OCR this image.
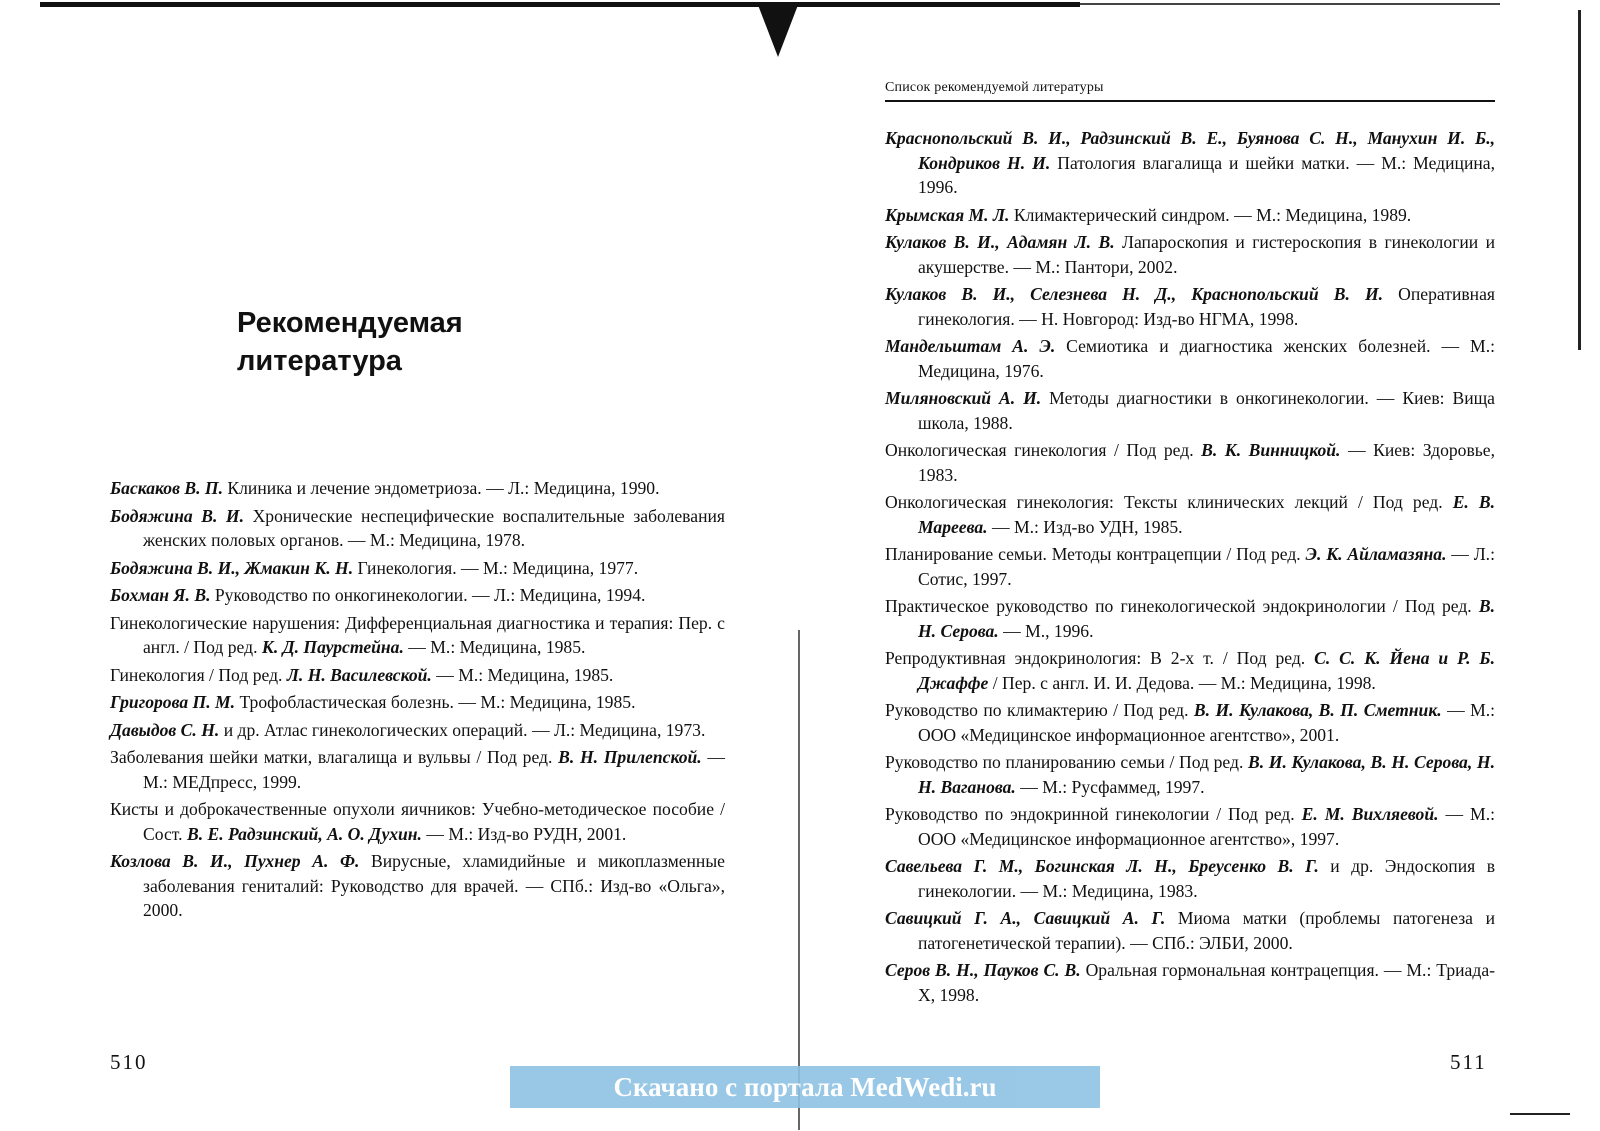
Рекомендуемая
литература
Баскаков В. П. Клиника и лечение эндометриоза. — Л.: Медицина, 1990.
Бодяжина В. И. Хронические неспецифические воспалительные заболевания женских половых органов. — М.: Медицина, 1978.
Бодяжина В. И., Жмакин К. Н. Гинекология. — М.: Медицина, 1977.
Бохман Я. В. Руководство по онкогинекологии. — Л.: Медицина, 1994.
Гинекологические нарушения: Дифференциальная диагностика и терапия: Пер. с англ. / Под ред. К. Д. Паурстейна. — М.: Медицина, 1985.
Гинекология / Под ред. Л. Н. Василевской. — М.: Медицина, 1985.
Григорова П. М. Трофобластическая болезнь. — М.: Медицина, 1985.
Давыдов С. Н. и др. Атлас гинекологических операций. — Л.: Медицина, 1973.
Заболевания шейки матки, влагалища и вульвы / Под ред. В. Н. Прилепской. — М.: МЕДпресс, 1999.
Кисты и доброкачественные опухоли яичников: Учебно-методическое пособие / Сост. В. Е. Радзинский, А. О. Духин. — М.: Изд-во РУДН, 2001.
Козлова В. И., Пухнер А. Ф. Вирусные, хламидийные и микоплазменные заболевания гениталий: Руководство для врачей. — СПб.: Изд-во «Ольга», 2000.
510
Список рекомендуемой литературы
Краснопольский В. И., Радзинский В. Е., Буянова С. Н., Манухин И. Б., Кондриков Н. И. Патология влагалища и шейки матки. — М.: Медицина, 1996.
Крымская М. Л. Климактерический синдром. — М.: Медицина, 1989.
Кулаков В. И., Адамян Л. В. Лапароскопия и гистероскопия в гинекологии и акушерстве. — М.: Пантори, 2002.
Кулаков В. И., Селезнева Н. Д., Краснопольский В. И. Оперативная гинекология. — Н. Новгород: Изд-во НГМА, 1998.
Мандельштам А. Э. Семиотика и диагностика женских болезней. — М.: Медицина, 1976.
Миляновский А. И. Методы диагностики в онкогинекологии. — Киев: Вища школа, 1988.
Онкологическая гинекология / Под ред. В. К. Винницкой. — Киев: Здоровье, 1983.
Онкологическая гинекология: Тексты клинических лекций / Под ред. Е. В. Мареева. — М.: Изд-во УДН, 1985.
Планирование семьи. Методы контрацепции / Под ред. Э. К. Айламазяна. — Л.: Сотис, 1997.
Практическое руководство по гинекологической эндокринологии / Под ред. В. Н. Серова. — М., 1996.
Репродуктивная эндокринология: В 2-х т. / Под ред. С. С. К. Йена и Р. Б. Джаффе / Пер. с англ. И. И. Дедова. — М.: Медицина, 1998.
Руководство по климактерию / Под ред. В. И. Кулакова, В. П. Сметник. — М.: ООО «Медицинское информационное агентство», 2001.
Руководство по планированию семьи / Под ред. В. И. Кулакова, В. Н. Серова, Н. Н. Ваганова. — М.: Русфаммед, 1997.
Руководство по эндокринной гинекологии / Под ред. Е. М. Вихляевой. — М.: ООО «Медицинское информационное агентство», 1997.
Савельева Г. М., Богинская Л. Н., Бреусенко В. Г. и др. Эндоскопия в гинекологии. — М.: Медицина, 1983.
Савицкий Г. А., Савицкий А. Г. Миома матки (проблемы патогенеза и патогенетической терапии). — СПб.: ЭЛБИ, 2000.
Серов В. Н., Пауков С. В. Оральная гормональная контрацепция. — М.: Триада-Х, 1998.
511
Скачано с портала MedWedi.ru
